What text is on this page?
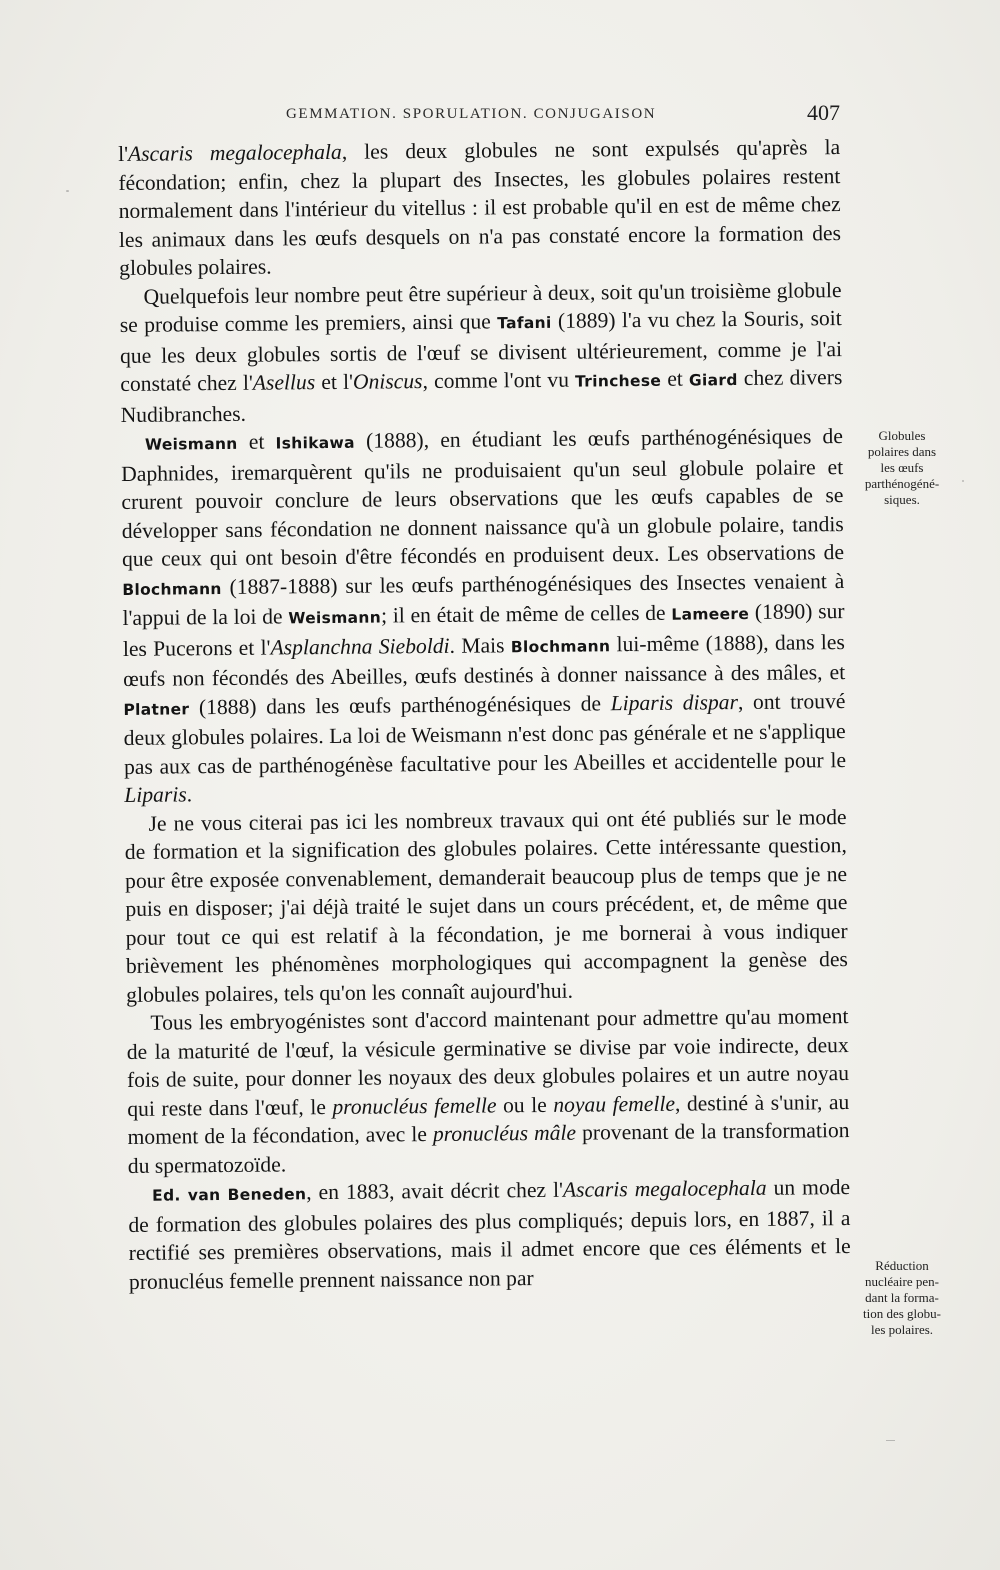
GEMMATION. SPORULATION. CONJUGAISON	407

l'Ascaris megalocephala, les deux globules ne sont expulsés qu'après la fécondation; enfin, chez la plupart des Insectes, les globules polaires restent normalement dans l'intérieur du vitellus : il est probable qu'il en est de même chez les animaux dans les œufs desquels on n'a pas constaté encore la formation des globules polaires.

Quelquefois leur nombre peut être supérieur à deux, soit qu'un troisième globule se produise comme les premiers, ainsi que Tafani (1889) l'a vu chez la Souris, soit que les deux globules sortis de l'œuf se divisent ultérieurement, comme je l'ai constaté chez l'Asellus et l'Oniscus, comme l'ont vu Trinchese et Giard chez divers Nudibranches.

Weismann et Ishikawa (1888), en étudiant les œufs parthénogénésiques de Daphnides, iremarquèrent qu'ils ne produisaient qu'un seul globule polaire et crurent pouvoir conclure de leurs observations que les œufs capables de se développer sans fécondation ne donnent naissance qu'à un globule polaire, tandis que ceux qui ont besoin d'être fécondés en produisent deux. Les observations de Blochmann (1887-1888) sur les œufs parthénogénésiques des Insectes venaient à l'appui de la loi de Weismann; il en était de même de celles de Lameere (1890) sur les Pucerons et l'Asplanchna Sieboldi. Mais Blochmann lui-même (1888), dans les œufs non fécondés des Abeilles, œufs destinés à donner naissance à des mâles, et Platner (1888) dans les œufs parthénogénésiques de Liparis dispar, ont trouvé deux globules polaires. La loi de Weismann n'est donc pas générale et ne s'applique pas aux cas de parthénogénèse facultative pour les Abeilles et accidentelle pour le Liparis.

Je ne vous citerai pas ici les nombreux travaux qui ont été publiés sur le mode de formation et la signification des globules polaires. Cette intéressante question, pour être exposée convenablement, demanderait beaucoup plus de temps que je ne puis en disposer; j'ai déjà traité le sujet dans un cours précédent, et, de même que pour tout ce qui est relatif à la fécondation, je me bornerai à vous indiquer brièvement les phénomènes morphologiques qui accompagnent la genèse des globules polaires, tels qu'on les connaît aujourd'hui.

Tous les embryogénistes sont d'accord maintenant pour admettre qu'au moment de la maturité de l'œuf, la vésicule germinative se divise par voie indirecte, deux fois de suite, pour donner les noyaux des deux globules polaires et un autre noyau qui reste dans l'œuf, le pronucléus femelle ou le noyau femelle, destiné à s'unir, au moment de la fécondation, avec le pronucléus mâle provenant de la transformation du spermatozoïde.

Ed. van Beneden, en 1883, avait décrit chez l'Ascaris megalocephala un mode de formation des globules polaires des plus compliqués; depuis lors, en 1887, il a rectifié ses premières observations, mais il admet encore que ces éléments et le pronucléus femelle prennent naissance non par

Globules
polaires dans
les œufs
parthénogéné-
siques.
Réduction
nucléaire pen-
dant la forma-
tion des globu-
les polaires.
